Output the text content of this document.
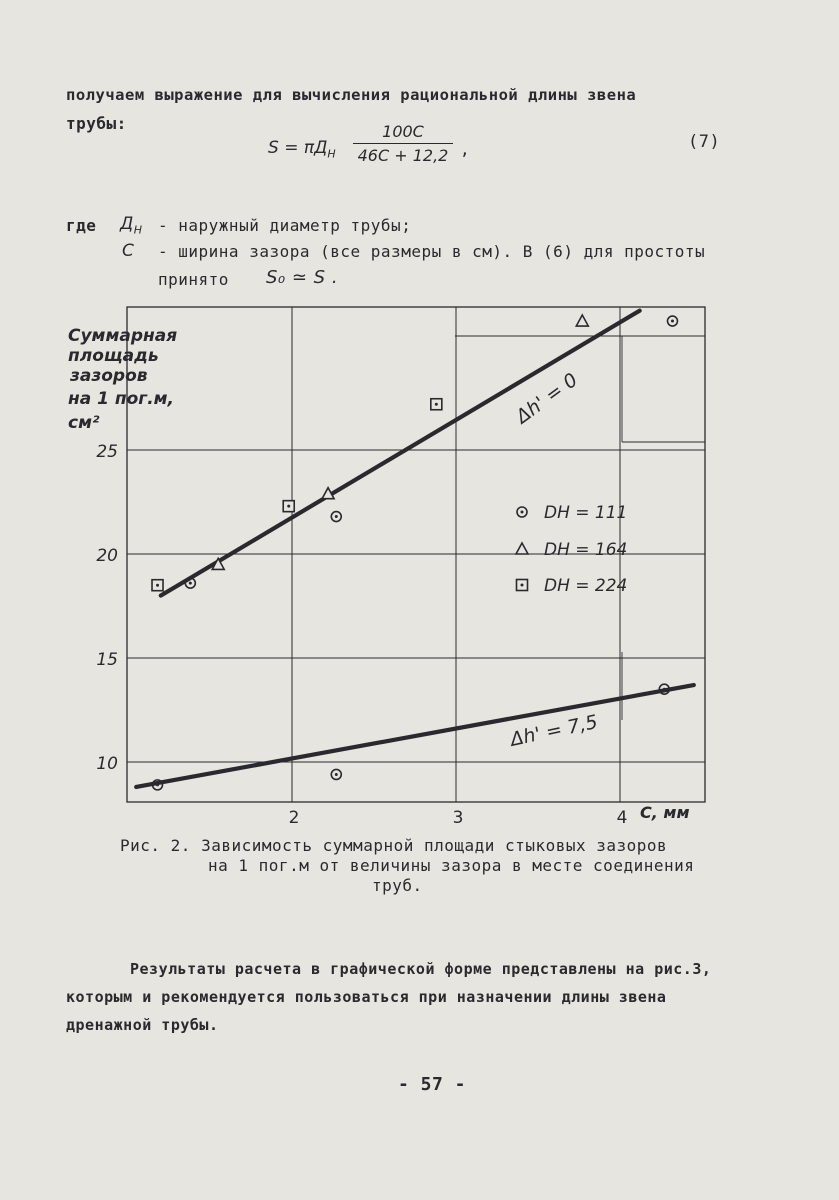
получаем выражение для вычисления рациональной длины звена
трубы:
$S = \pi Д_Н$
100C
46C + 12,2 ,	(7)
где $Д_Н$ - наружный диаметр трубы;
C - ширина зазора (все размеры в см). В (6) для простоты
принято S₀ ≃ S .
Суммарная
площадь
зазоров
на 1 пог.м,
см²	Δh' = 0
Δh' = 7,5
10
15
20
25
2	3	4 C, мм
DН = 111
DН = 164
DН = 224
Рис. 2. Зависимость суммарной площади стыковых зазоров
на 1 пог.м от величины зазора в месте соединения
труб.
Результаты расчета в графической форме представлены на рис.3,
которым и рекомендуется пользоваться при назначении длины звена
дренажной трубы.
- 57 -
